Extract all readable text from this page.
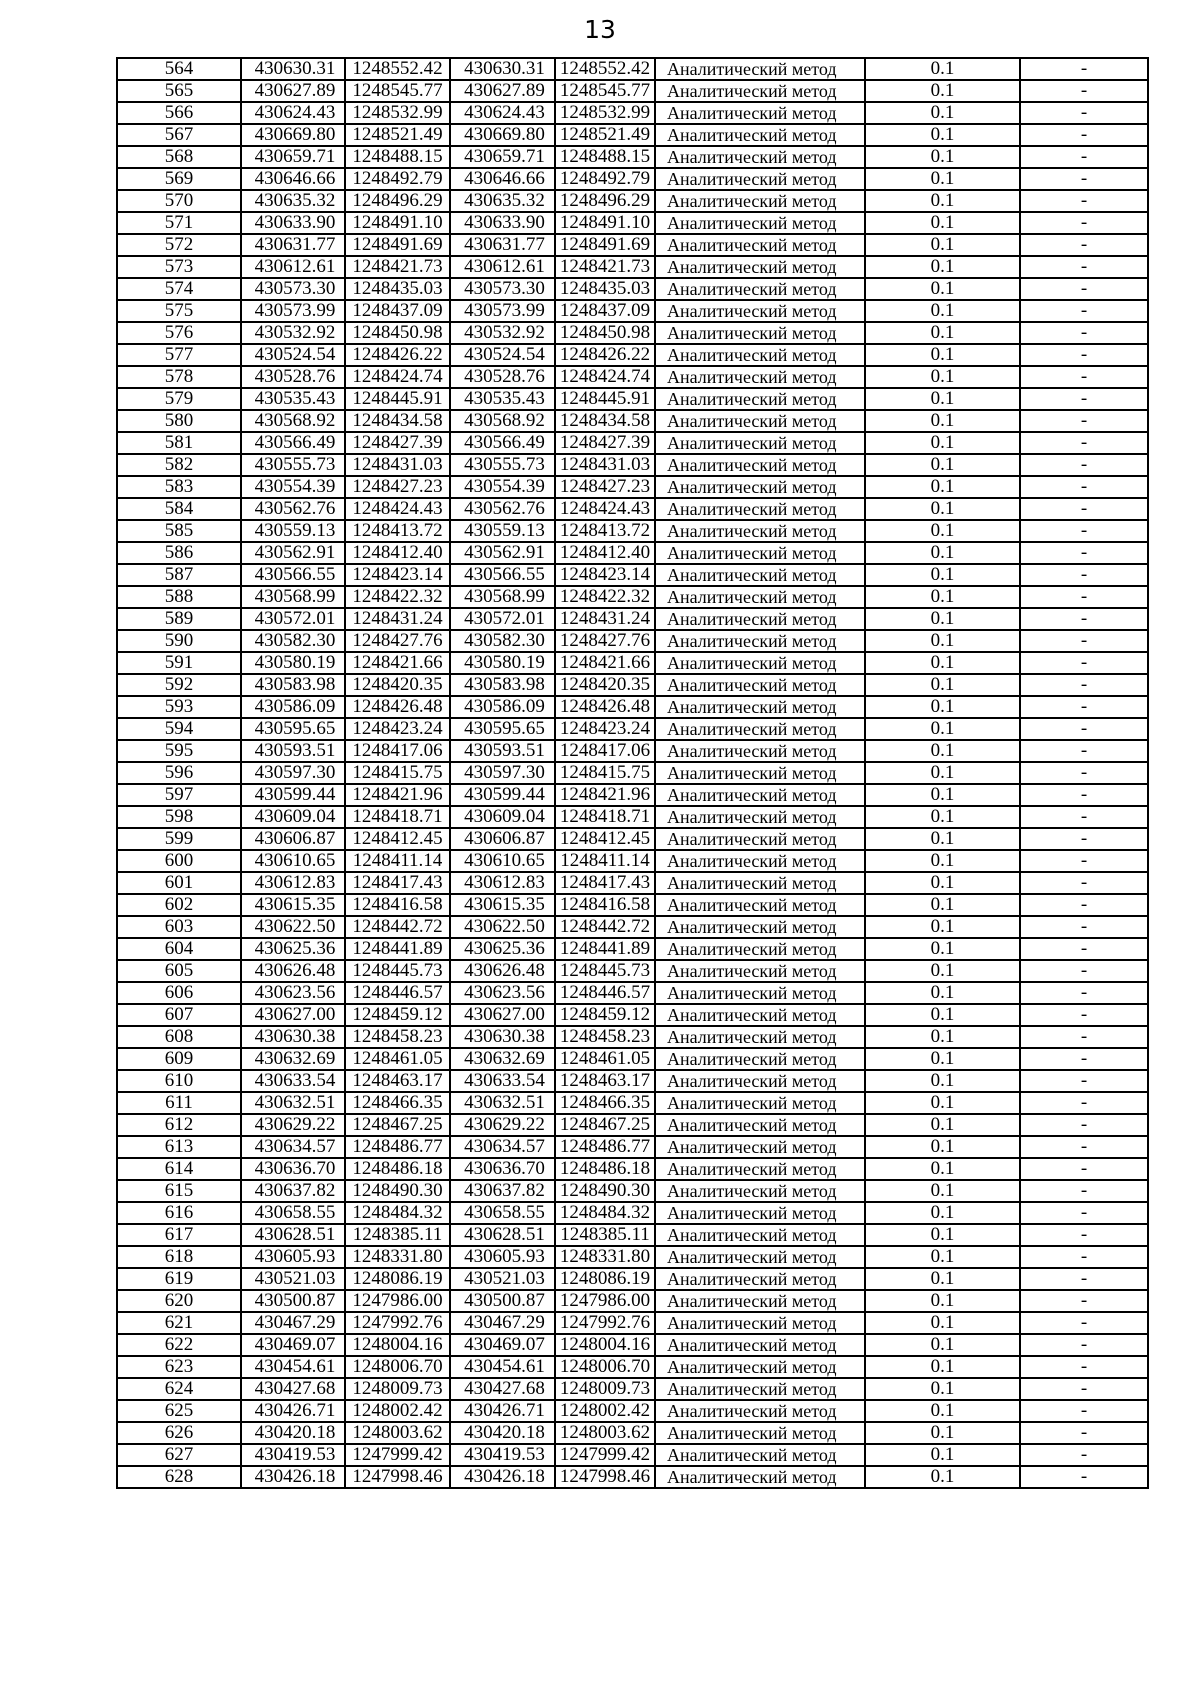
13
564	430630.31	1248552.42	430630.31	1248552.42	Аналитический метод	0.1	-
565	430627.89	1248545.77	430627.89	1248545.77	Аналитический метод	0.1	-
566	430624.43	1248532.99	430624.43	1248532.99	Аналитический метод	0.1	-
567	430669.80	1248521.49	430669.80	1248521.49	Аналитический метод	0.1	-
568	430659.71	1248488.15	430659.71	1248488.15	Аналитический метод	0.1	-
569	430646.66	1248492.79	430646.66	1248492.79	Аналитический метод	0.1	-
570	430635.32	1248496.29	430635.32	1248496.29	Аналитический метод	0.1	-
571	430633.90	1248491.10	430633.90	1248491.10	Аналитический метод	0.1	-
572	430631.77	1248491.69	430631.77	1248491.69	Аналитический метод	0.1	-
573	430612.61	1248421.73	430612.61	1248421.73	Аналитический метод	0.1	-
574	430573.30	1248435.03	430573.30	1248435.03	Аналитический метод	0.1	-
575	430573.99	1248437.09	430573.99	1248437.09	Аналитический метод	0.1	-
576	430532.92	1248450.98	430532.92	1248450.98	Аналитический метод	0.1	-
577	430524.54	1248426.22	430524.54	1248426.22	Аналитический метод	0.1	-
578	430528.76	1248424.74	430528.76	1248424.74	Аналитический метод	0.1	-
579	430535.43	1248445.91	430535.43	1248445.91	Аналитический метод	0.1	-
580	430568.92	1248434.58	430568.92	1248434.58	Аналитический метод	0.1	-
581	430566.49	1248427.39	430566.49	1248427.39	Аналитический метод	0.1	-
582	430555.73	1248431.03	430555.73	1248431.03	Аналитический метод	0.1	-
583	430554.39	1248427.23	430554.39	1248427.23	Аналитический метод	0.1	-
584	430562.76	1248424.43	430562.76	1248424.43	Аналитический метод	0.1	-
585	430559.13	1248413.72	430559.13	1248413.72	Аналитический метод	0.1	-
586	430562.91	1248412.40	430562.91	1248412.40	Аналитический метод	0.1	-
587	430566.55	1248423.14	430566.55	1248423.14	Аналитический метод	0.1	-
588	430568.99	1248422.32	430568.99	1248422.32	Аналитический метод	0.1	-
589	430572.01	1248431.24	430572.01	1248431.24	Аналитический метод	0.1	-
590	430582.30	1248427.76	430582.30	1248427.76	Аналитический метод	0.1	-
591	430580.19	1248421.66	430580.19	1248421.66	Аналитический метод	0.1	-
592	430583.98	1248420.35	430583.98	1248420.35	Аналитический метод	0.1	-
593	430586.09	1248426.48	430586.09	1248426.48	Аналитический метод	0.1	-
594	430595.65	1248423.24	430595.65	1248423.24	Аналитический метод	0.1	-
595	430593.51	1248417.06	430593.51	1248417.06	Аналитический метод	0.1	-
596	430597.30	1248415.75	430597.30	1248415.75	Аналитический метод	0.1	-
597	430599.44	1248421.96	430599.44	1248421.96	Аналитический метод	0.1	-
598	430609.04	1248418.71	430609.04	1248418.71	Аналитический метод	0.1	-
599	430606.87	1248412.45	430606.87	1248412.45	Аналитический метод	0.1	-
600	430610.65	1248411.14	430610.65	1248411.14	Аналитический метод	0.1	-
601	430612.83	1248417.43	430612.83	1248417.43	Аналитический метод	0.1	-
602	430615.35	1248416.58	430615.35	1248416.58	Аналитический метод	0.1	-
603	430622.50	1248442.72	430622.50	1248442.72	Аналитический метод	0.1	-
604	430625.36	1248441.89	430625.36	1248441.89	Аналитический метод	0.1	-
605	430626.48	1248445.73	430626.48	1248445.73	Аналитический метод	0.1	-
606	430623.56	1248446.57	430623.56	1248446.57	Аналитический метод	0.1	-
607	430627.00	1248459.12	430627.00	1248459.12	Аналитический метод	0.1	-
608	430630.38	1248458.23	430630.38	1248458.23	Аналитический метод	0.1	-
609	430632.69	1248461.05	430632.69	1248461.05	Аналитический метод	0.1	-
610	430633.54	1248463.17	430633.54	1248463.17	Аналитический метод	0.1	-
611	430632.51	1248466.35	430632.51	1248466.35	Аналитический метод	0.1	-
612	430629.22	1248467.25	430629.22	1248467.25	Аналитический метод	0.1	-
613	430634.57	1248486.77	430634.57	1248486.77	Аналитический метод	0.1	-
614	430636.70	1248486.18	430636.70	1248486.18	Аналитический метод	0.1	-
615	430637.82	1248490.30	430637.82	1248490.30	Аналитический метод	0.1	-
616	430658.55	1248484.32	430658.55	1248484.32	Аналитический метод	0.1	-
617	430628.51	1248385.11	430628.51	1248385.11	Аналитический метод	0.1	-
618	430605.93	1248331.80	430605.93	1248331.80	Аналитический метод	0.1	-
619	430521.03	1248086.19	430521.03	1248086.19	Аналитический метод	0.1	-
620	430500.87	1247986.00	430500.87	1247986.00	Аналитический метод	0.1	-
621	430467.29	1247992.76	430467.29	1247992.76	Аналитический метод	0.1	-
622	430469.07	1248004.16	430469.07	1248004.16	Аналитический метод	0.1	-
623	430454.61	1248006.70	430454.61	1248006.70	Аналитический метод	0.1	-
624	430427.68	1248009.73	430427.68	1248009.73	Аналитический метод	0.1	-
625	430426.71	1248002.42	430426.71	1248002.42	Аналитический метод	0.1	-
626	430420.18	1248003.62	430420.18	1248003.62	Аналитический метод	0.1	-
627	430419.53	1247999.42	430419.53	1247999.42	Аналитический метод	0.1	-
628	430426.18	1247998.46	430426.18	1247998.46	Аналитический метод	0.1	-
